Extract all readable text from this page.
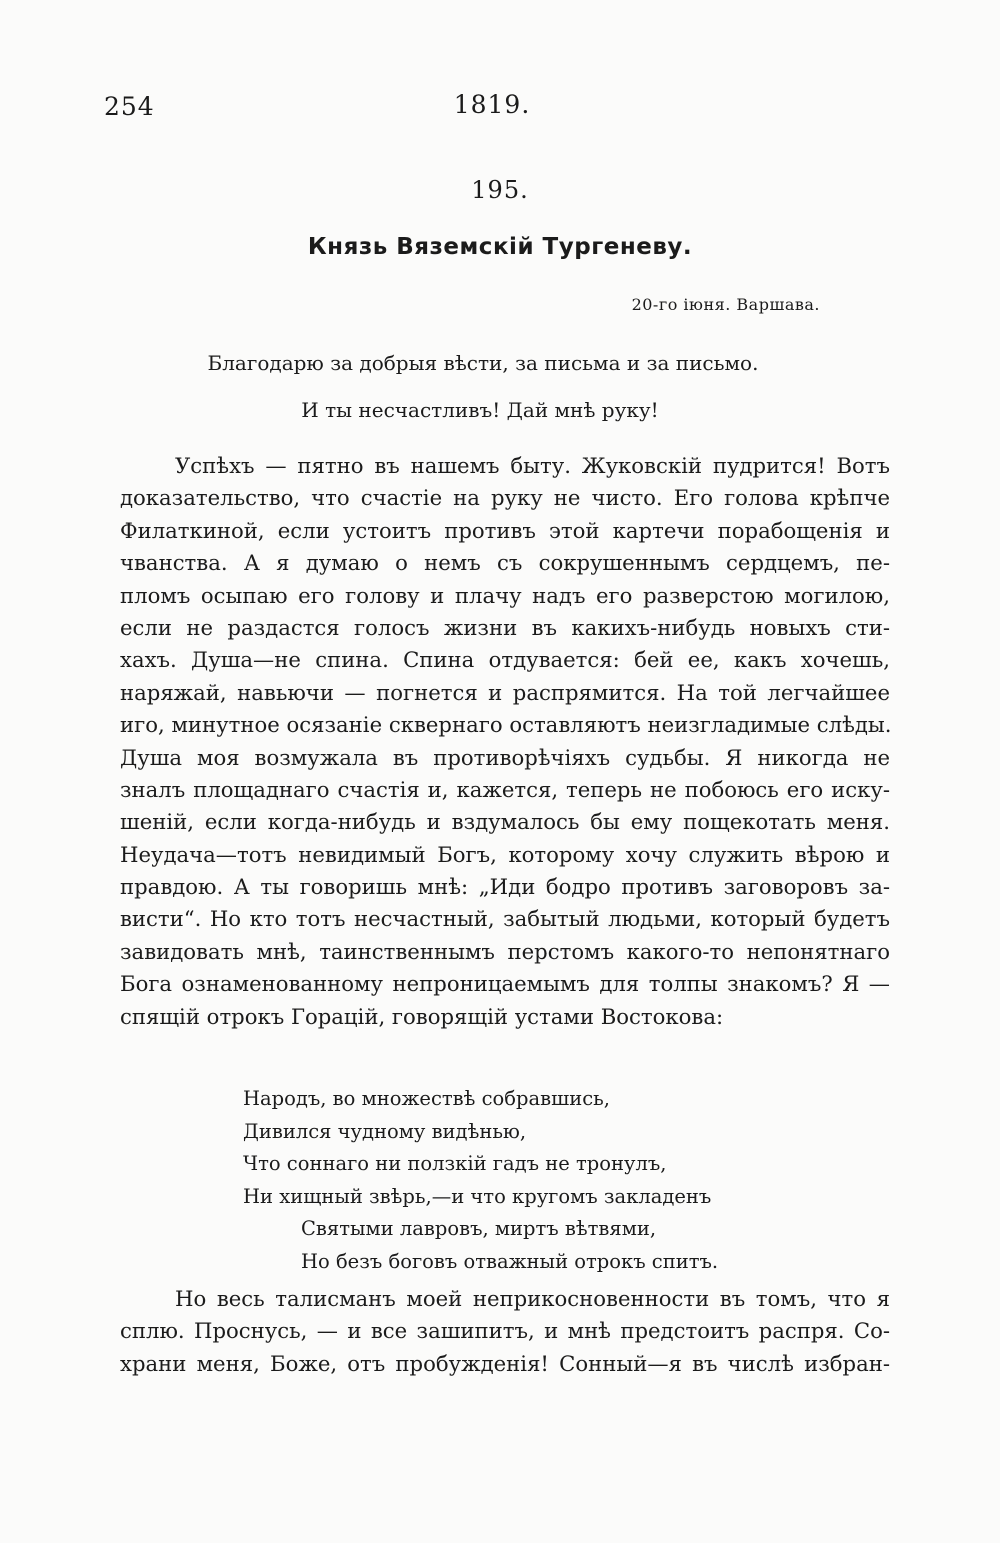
254	1819.
195.
Князь Вяземскій Тургеневу.
20-го іюня. Варшава.
Благодарю за добрыя вѣсти, за письма и за письмо.
И ты несчастливъ! Дай мнѣ руку!
Успѣхъ — пятно въ нашемъ быту. Жуковскій пудрится! Вотъ
доказательство, что счастіе на руку не чисто. Его голова крѣпче
Филаткиной, если устоитъ противъ этой картечи порабощенія и
чванства. А я думаю о немъ съ сокрушеннымъ сердцемъ, пе-
пломъ осыпаю его голову и плачу надъ его разверстою могилою,
если не раздастся голосъ жизни въ какихъ-нибудь новыхъ сти-
хахъ. Душа—не спина. Спина отдувается: бей ее, какъ хочешь,
наряжай, навьючи — погнется и распрямится. На той легчайшее
иго, минутное осязаніе сквернаго оставляютъ неизгладимые слѣды.
Душа моя возмужала въ противорѣчіяхъ судьбы. Я никогда не
зналъ площаднаго счастія и, кажется, теперь не побоюсь его иску-
шеній, если когда-нибудь и вздумалось бы ему пощекотать меня.
Неудача—тотъ невидимый Богъ, которому хочу служить вѣрою и
правдою. А ты говоришь мнѣ: „Иди бодро противъ заговоровъ за-
висти“. Но кто тотъ несчастный, забытый людьми, который будетъ
завидовать мнѣ, таинственнымъ перстомъ какого-то непонятнаго
Бога ознаменованному непроницаемымъ для толпы знакомъ? Я —
спящій отрокъ Горацій, говорящій устами Востокова:
Народъ, во множествѣ собравшись,
Дивился чудному видѣнью,
Что соннаго ни ползкій гадъ не тронулъ,
Ни хищный звѣрь,—и что кругомъ закладенъ
Святыми лавровъ, миртъ вѣтвями,
Но безъ боговъ отважный отрокъ спитъ.
Но весь талисманъ моей неприкосновенности въ томъ, что я
сплю. Проснусь, — и все зашипитъ, и мнѣ предстоитъ распря. Со-
храни меня, Боже, отъ пробужденія! Сонный—я въ числѣ избран-
